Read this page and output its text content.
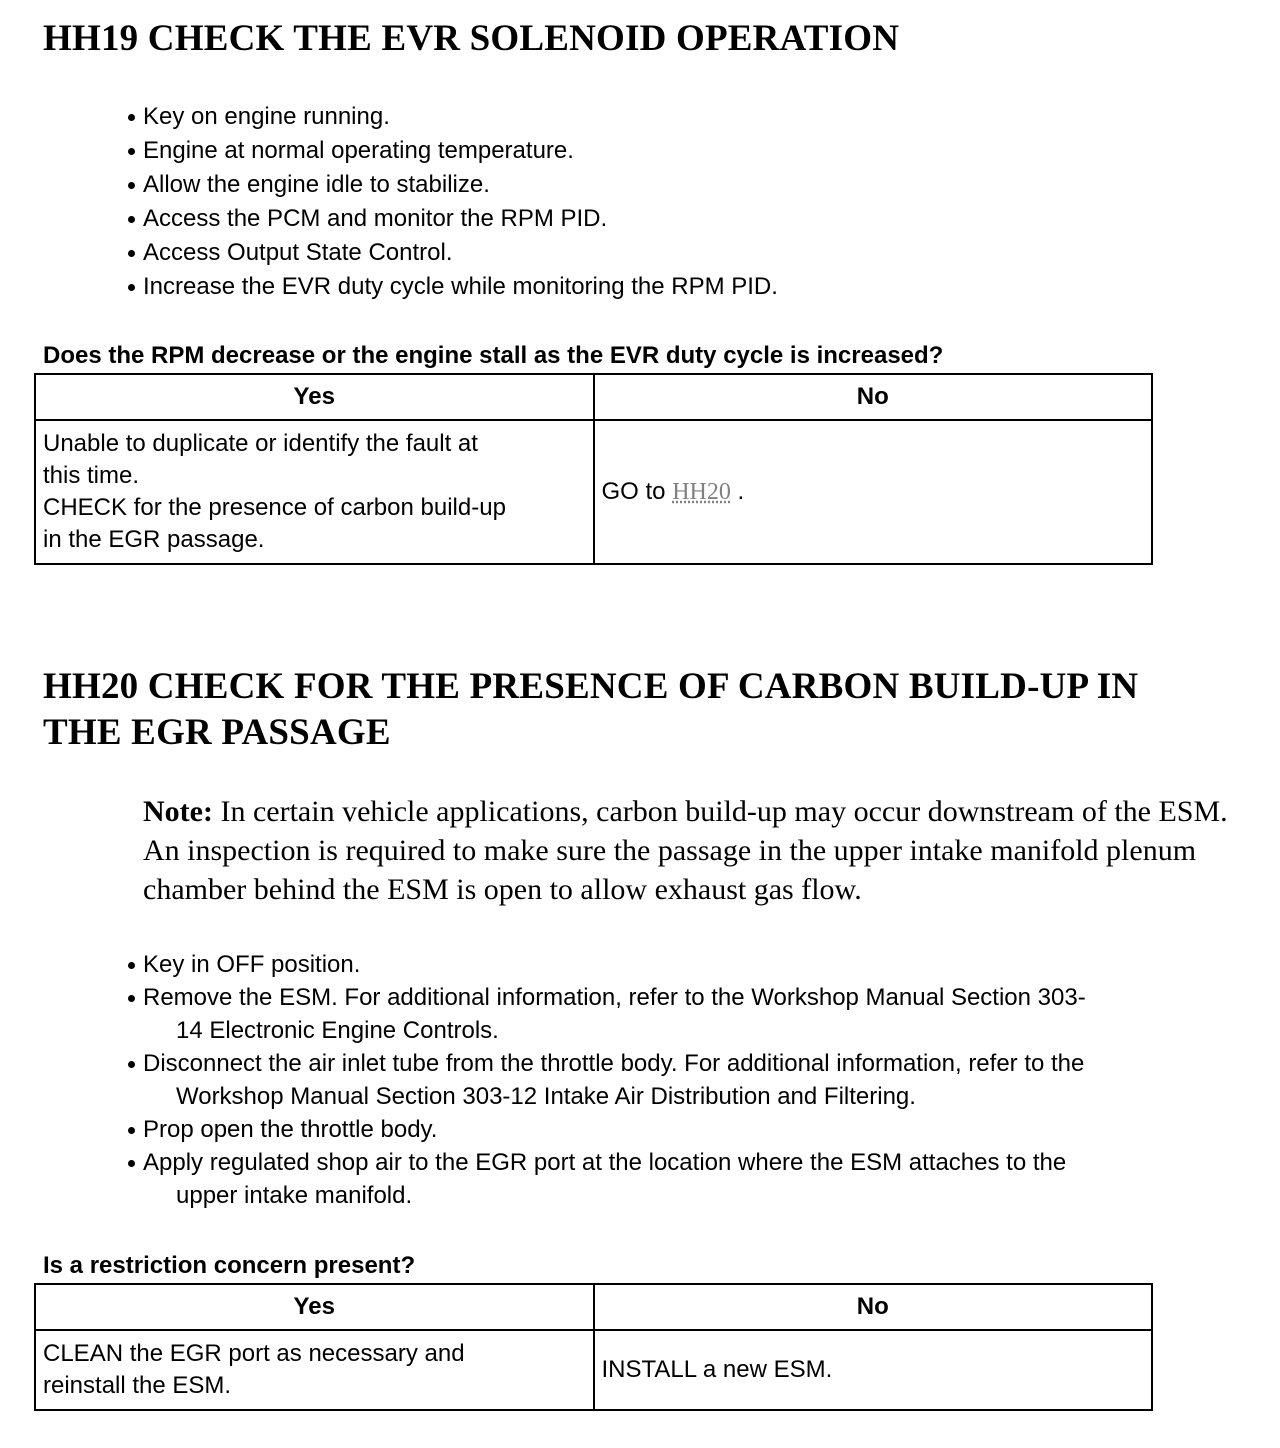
HH19 CHECK THE EVR SOLENOID OPERATION
Key on engine running.
Engine at normal operating temperature.
Allow the engine idle to stabilize.
Access the PCM and monitor the RPM PID.
Access Output State Control.
Increase the EVR duty cycle while monitoring the RPM PID.

Does the RPM decrease or the engine stall as the EVR duty cycle is increased?

Yes	No
Unable to duplicate or identify the fault at
this time.
CHECK for the presence of carbon build-up
in the EGR passage.	GO to HH20 .
HH20 CHECK FOR THE PRESENCE OF CARBON BUILD-UP IN
THE EGR PASSAGE

Note: In certain vehicle applications, carbon build-up may occur downstream of the ESM. An inspection is required to make sure the passage in the upper intake manifold plenum chamber behind the ESM is open to allow exhaust gas flow.

Key in OFF position.
Remove the ESM. For additional information, refer to the Workshop Manual Section 303-
14 Electronic Engine Controls.
Disconnect the air inlet tube from the throttle body. For additional information, refer to the
Workshop Manual Section 303-12 Intake Air Distribution and Filtering.
Prop open the throttle body.
Apply regulated shop air to the EGR port at the location where the ESM attaches to the
upper intake manifold.

Is a restriction concern present?

Yes	No
CLEAN the EGR port as necessary and
reinstall the ESM.	INSTALL a new ESM.
